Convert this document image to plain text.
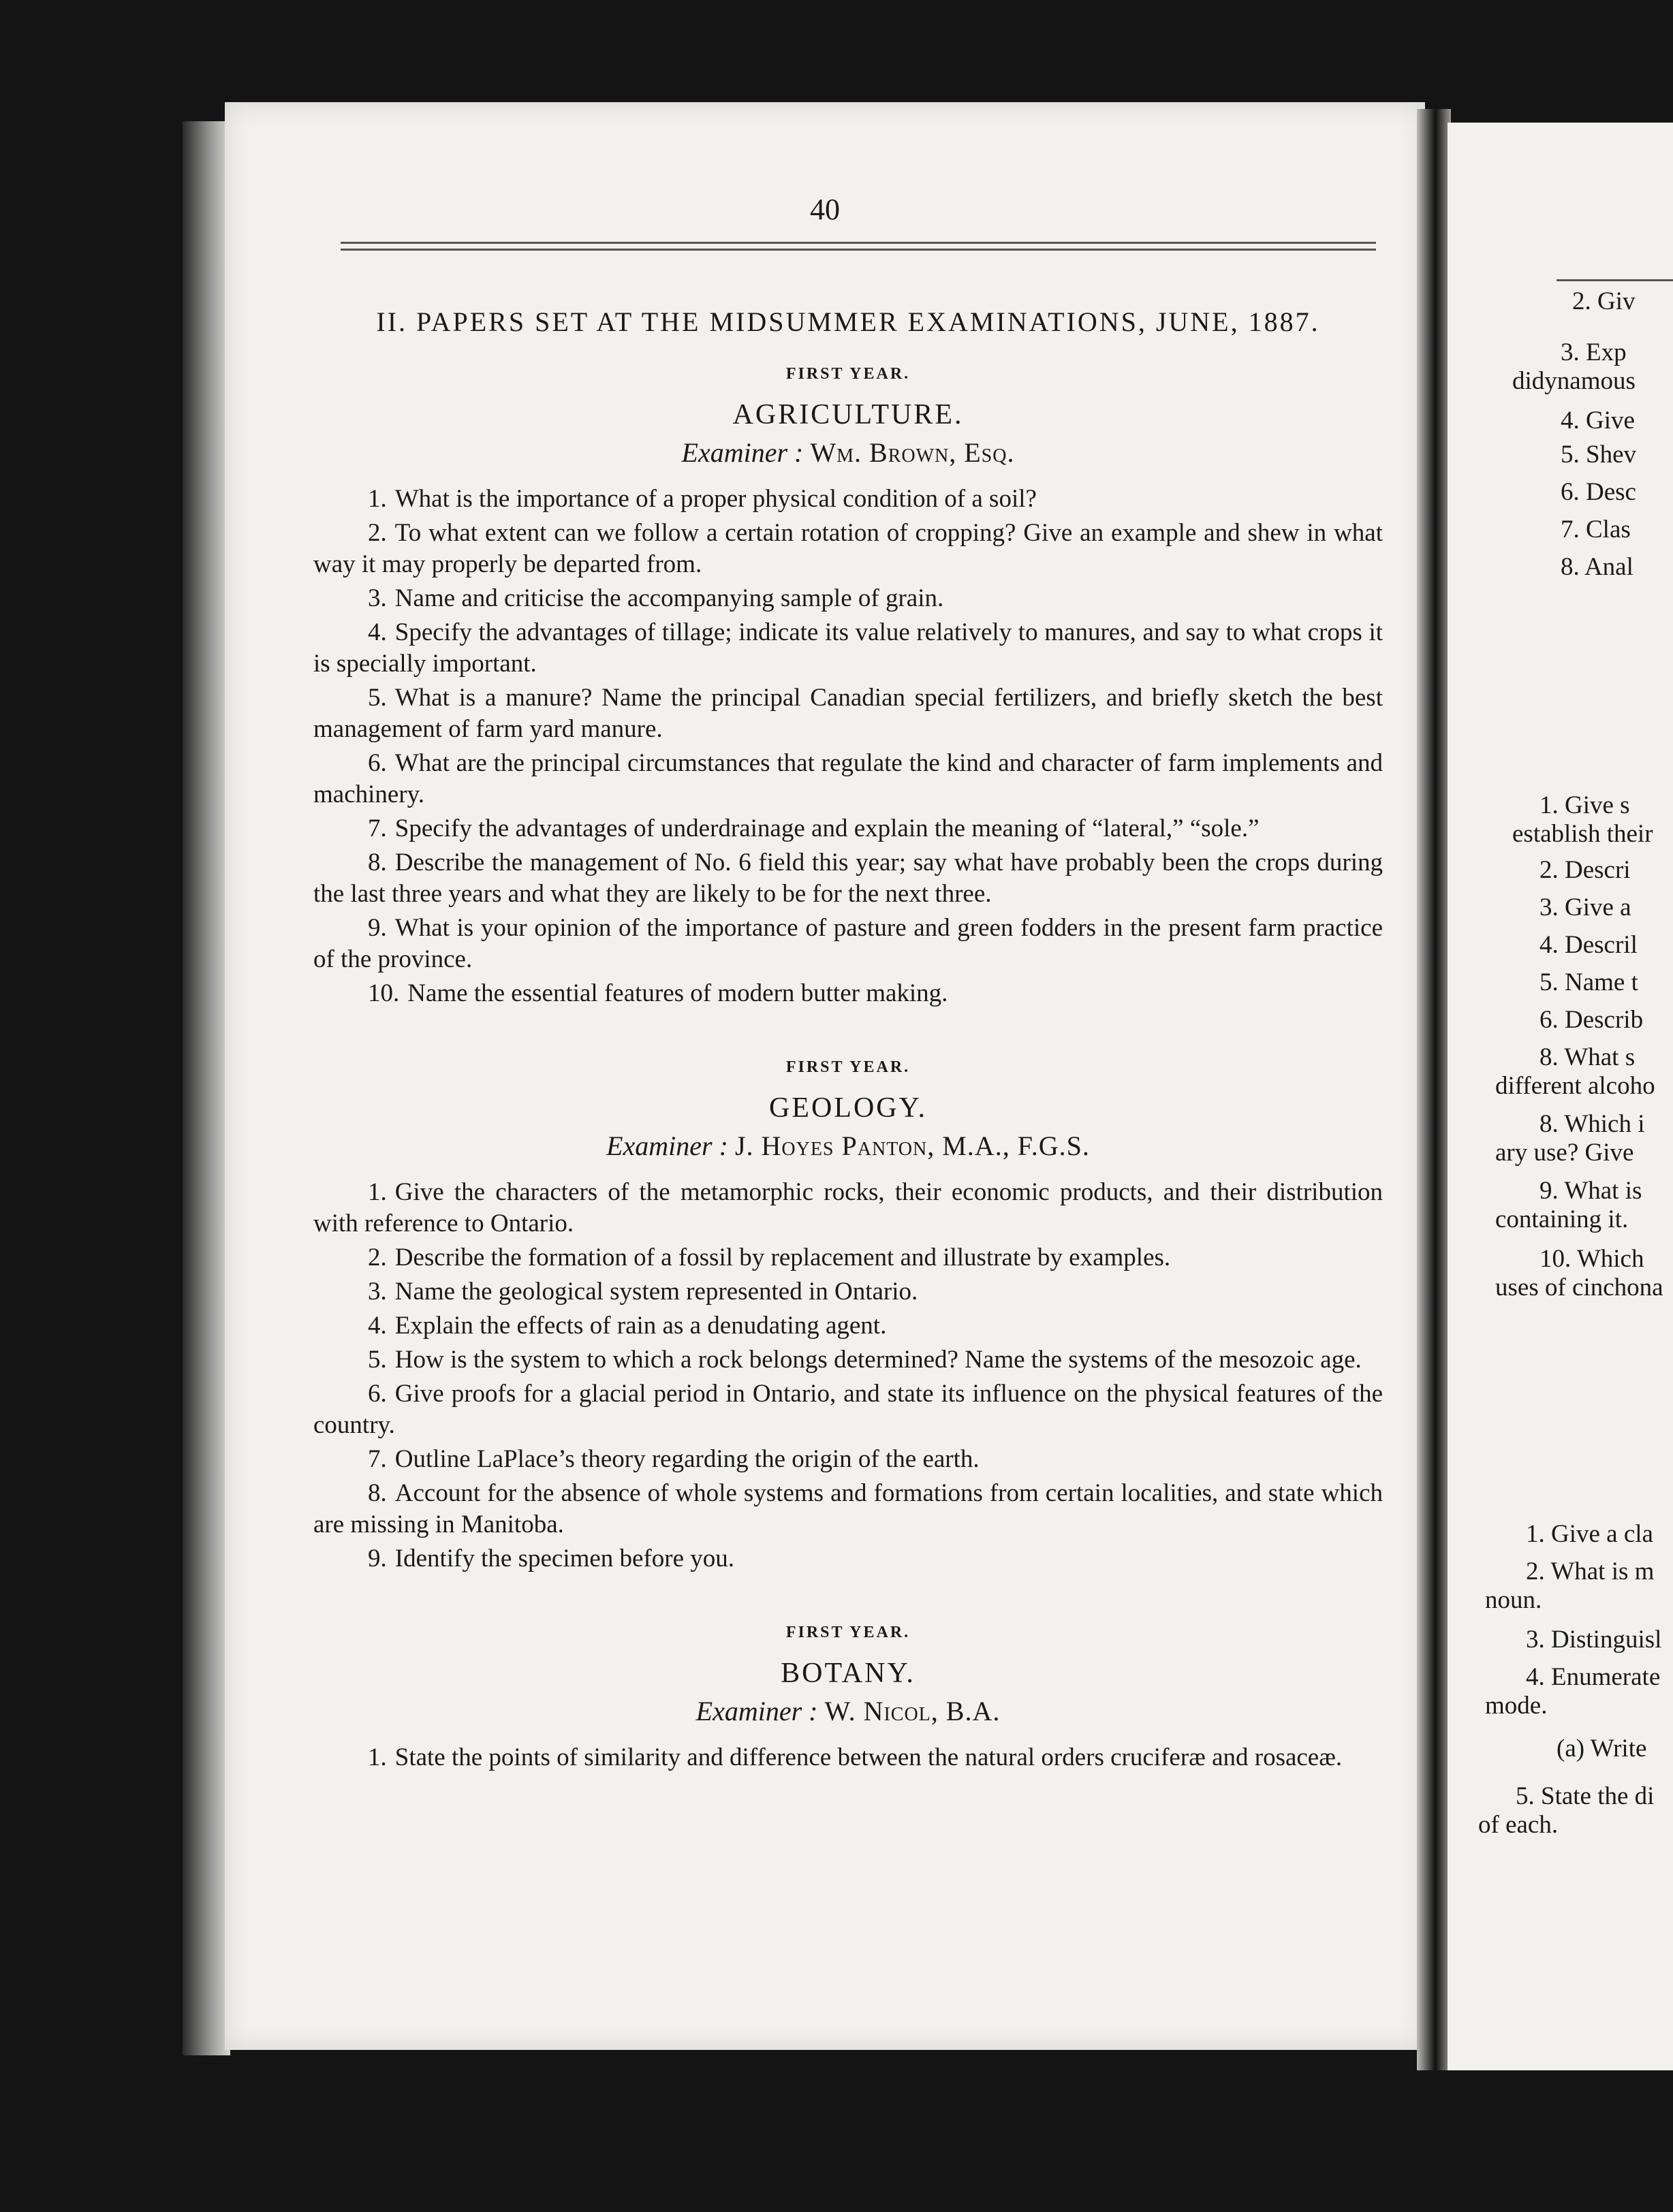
40
II. PAPERS SET AT THE MIDSUMMER EXAMINATIONS, JUNE, 1887.
FIRST YEAR.
AGRICULTURE.
Examiner : Wm. Brown, Esq.
1. What is the importance of a proper physical condition of a soil?
2. To what extent can we follow a certain rotation of cropping? Give an example and shew in what way it may properly be departed from.
3. Name and criticise the accompanying sample of grain.
4. Specify the advantages of tillage; indicate its value relatively to manures, and say to what crops it is specially important.
5. What is a manure? Name the principal Canadian special fertilizers, and briefly sketch the best management of farm yard manure.
6. What are the principal circumstances that regulate the kind and character of farm implements and machinery.
7. Specify the advantages of underdrainage and explain the meaning of “lateral,” “sole.”
8. Describe the management of No. 6 field this year; say what have probably been the crops during the last three years and what they are likely to be for the next three.
9. What is your opinion of the importance of pasture and green fodders in the present farm practice of the province.
10. Name the essential features of modern butter making.
FIRST YEAR.
GEOLOGY.
Examiner : J. Hoyes Panton, M.A., F.G.S.
1. Give the characters of the metamorphic rocks, their economic products, and their distribution with reference to Ontario.
2. Describe the formation of a fossil by replacement and illustrate by examples.
3. Name the geological system represented in Ontario.
4. Explain the effects of rain as a denudating agent.
5. How is the system to which a rock belongs determined? Name the systems of the mesozoic age.
6. Give proofs for a glacial period in Ontario, and state its influence on the physical features of the country.
7. Outline LaPlace’s theory regarding the origin of the earth.
8. Account for the absence of whole systems and formations from certain localities, and state which are missing in Manitoba.
9. Identify the specimen before you.
FIRST YEAR.
BOTANY.
Examiner : W. Nicol, B.A.
1. State the points of similarity and difference between the natural orders cruciferæ and rosaceæ.
2. Giv
3. Exp
didynamous
4. Give
5. Shev
6. Desc
7. Clas
8. Anal
1. Give s
establish their
2. Descri
3. Give a
4. Descril
5. Name t
6. Describ
8. What s
different alcoho
8. Which i
ary use? Give
9. What is
containing it.
10. Which
uses of cinchona
1. Give a cla
2. What is m
noun.
3. Distinguisl
4. Enumerate
mode.
(a) Write
5. State the di
of each.
